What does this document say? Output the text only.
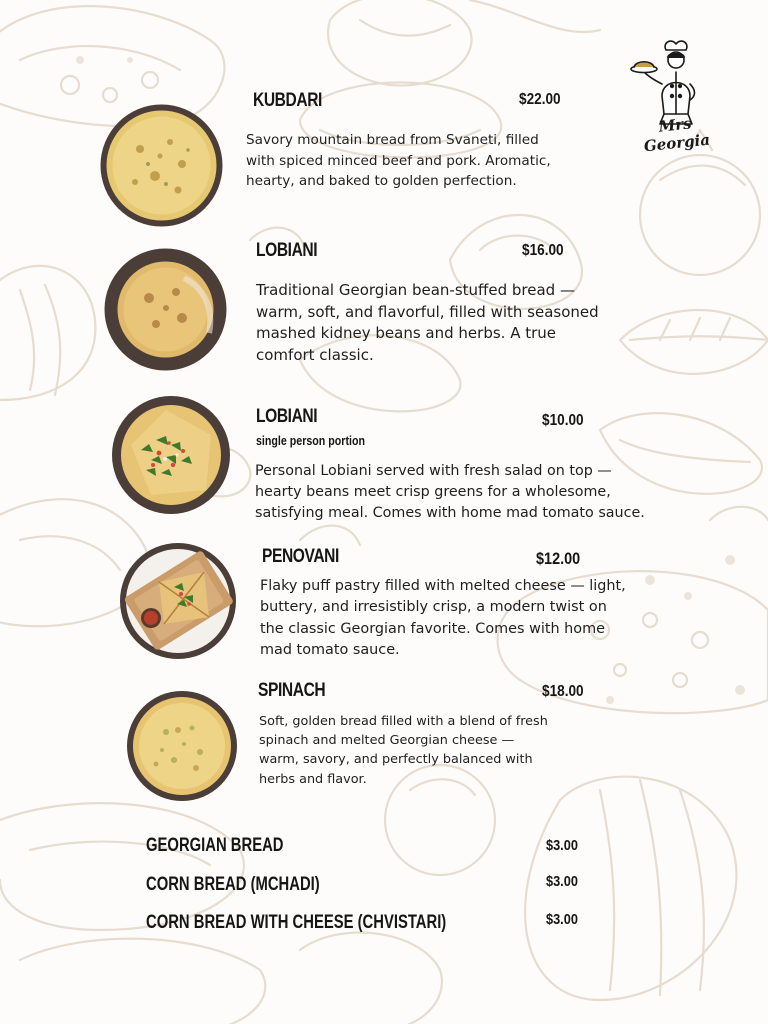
Mrs Georgia
KUBDARI	$22.00
Savory mountain bread from Svaneti, filled
with spiced minced beef and pork. Aromatic,
hearty, and baked to golden perfection.
LOBIANI	$16.00
Traditional Georgian bean-stuffed bread —
warm, soft, and flavorful, filled with seasoned
mashed kidney beans and herbs. A true
comfort classic.
LOBIANI
single person portion
$10.00
Personal Lobiani served with fresh salad on top —
hearty beans meet crisp greens for a wholesome,
satisfying meal. Comes with home mad tomato sauce.
PENOVANI	$12.00
Flaky puff pastry filled with melted cheese — light,
buttery, and irresistibly crisp, a modern twist on
the classic Georgian favorite. Comes with home
mad tomato sauce.
SPINACH	$18.00
Soft, golden bread filled with a blend of fresh
spinach and melted Georgian cheese —
warm, savory, and perfectly balanced with
herbs and flavor.
GEORGIAN BREAD	$3.00
CORN BREAD (MCHADI)	$3.00
CORN BREAD WITH CHEESE (CHVISTARI)	$3.00
